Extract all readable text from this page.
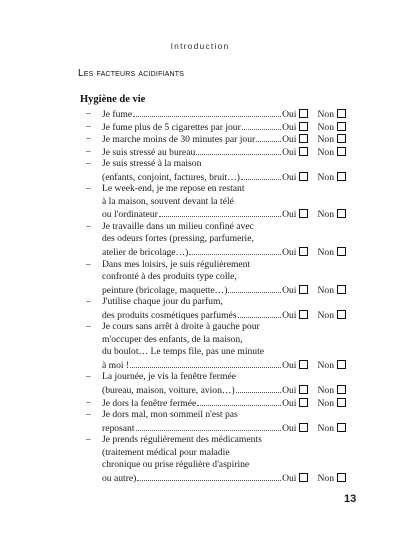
Introduction
Les facteurs acidifiants
Hygiène de vie
– Je fume	Oui Non
– Je fume plus de 5 cigarettes par jour	Oui Non
– Je marche moins de 30 minutes par jour	Oui Non
– Je suis stressé au bureau	Oui Non
– Je suis stressé à la maison
(enfants, conjoint, factures, bruit…)	Oui Non
– Le week-end, je me repose en restant
à la maison, souvent devant la télé
ou l'ordinateur	Oui Non
– Je travaille dans un milieu confiné avec
des odeurs fortes (pressing, parfumerie,
atelier de bricolage…)	Oui Non
– Dans mes loisirs, je suis régulièrement
confronté à des produits type colle,
peinture (bricolage, maquette…)	Oui Non
– J'utilise chaque jour du parfum,
des produits cosmétiques parfumés	Oui Non
– Je cours sans arrêt à droite à gauche pour
m'occuper des enfants, de la maison,
du boulot… Le temps file, pas une minute
à moi !	Oui Non
– La journée, je vis la fenêtre fermée
(bureau, maison, voiture, avion…)	Oui Non
– Je dors la fenêtre fermée	Oui Non
– Je dors mal, mon sommeil n'est pas
reposant	Oui Non
– Je prends régulièrement des médicaments
(traitement médical pour maladie
chronique ou prise régulière d'aspirine
ou autre)	Oui Non
13
